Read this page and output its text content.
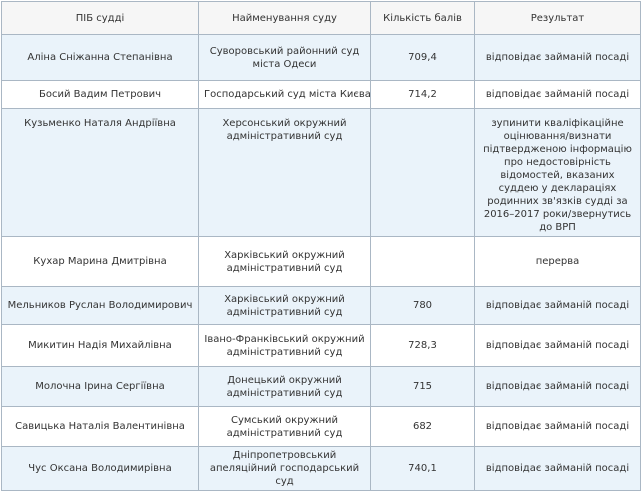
ПІБ судді	Найменування суду	Кількість балів	Результат
Аліна Сніжанна Степанівна	Суворовський районний суд міста Одеси	709,4	відповідає займаній посаді
Босий Вадим Петрович	Господарський суд міста Києва	714,2	відповідає займаній посаді
Кузьменко Наталя Андріївна	Херсонський окружний адміністративний суд		зупинити кваліфікаційне оцінювання/визнати підтвердженою інформацію про недостовірність відомостей, вказаних суддею у деклараціях родинних зв'язків судді за 2016–2017 роки/звернутись до ВРП
Кухар Марина Дмитрівна	Харківський окружний адміністративний суд		перерва
Мельников Руслан Володимирович	Харківський окружний адміністративний суд	780	відповідає займаній посаді
Микитин Надія Михайлівна	Івано-Франківський окружний адміністративний суд	728,3	відповідає займаній посаді
Молочна Ірина Сергіївна	Донецький окружний адміністративний суд	715	відповідає займаній посаді
Савицька Наталія Валентинівна	Сумський окружний адміністративний суд	682	відповідає займаній посаді
Чус Оксана Володимирівна	Дніпропетровський апеляційний господарський суд	740,1	відповідає займаній посаді
